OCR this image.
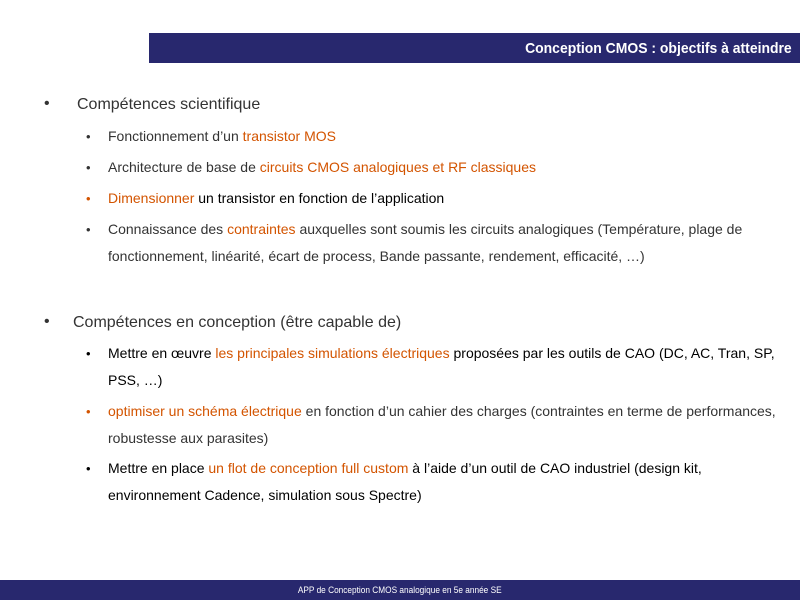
Conception CMOS : objectifs à atteindre
• Compétences scientifique
• Fonctionnement d’un transistor MOS
• Architecture de base de circuits CMOS analogiques et RF classiques
• Dimensionner un transistor en fonction de l’application
• Connaissance des contraintes auxquelles sont soumis les circuits analogiques (Température, plage de fonctionnement, linéarité, écart de process, Bande passante, rendement, efficacité, …)
• Compétences en conception (être capable de)
• Mettre en œuvre les principales simulations électriques proposées par les outils de CAO (DC, AC, Tran, SP, PSS, …)
• optimiser un schéma électrique en fonction d’un cahier des charges (contraintes en terme de performances, robustesse aux parasites)
• Mettre en place un flot de conception full custom à l’aide d’un outil de CAO industriel (design kit, environnement Cadence, simulation sous Spectre)
APP de Conception CMOS analogique en 5e année SE
